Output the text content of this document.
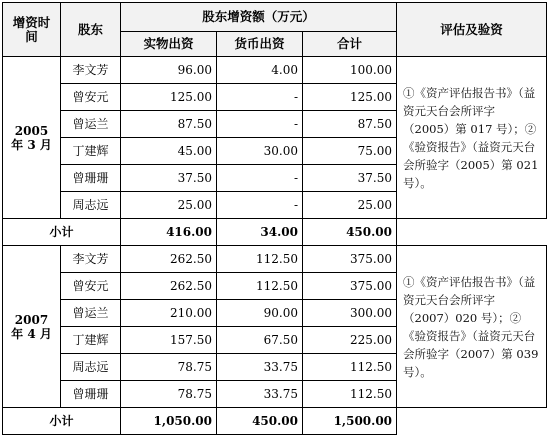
增资时间	股东	股东增资额（万元）			评估及验资
		实物出资	货币出资	合计	
2005 年 3 月	李文芳	96.00	4.00	100.00	①《资产评估报告书》（益资元天台会所评字（2005）第 017 号）；②《验资报告》（益资元天台会所验字（2005）第 021 号）。
	曾安元	125.00	-	125.00	
	曾运兰	87.50	-	87.50	
	丁建辉	45.00	30.00	75.00	
	曾珊珊	37.50	-	37.50	
	周志远	25.00	-	25.00	
小计		416.00	34.00	450.00	
2007 年 4 月	李文芳	262.50	112.50	375.00	①《资产评估报告书》（益资元天台会所评字（2007）020 号）；②《验资报告》（益资元天台会所验字（2007）第 039 号）。
	曾安元	262.50	112.50	375.00	
	曾运兰	210.00	90.00	300.00	
	丁建辉	157.50	67.50	225.00	
	周志远	78.75	33.75	112.50	
	曾珊珊	78.75	33.75	112.50	
小计		1,050.00	450.00	1,500.00	
